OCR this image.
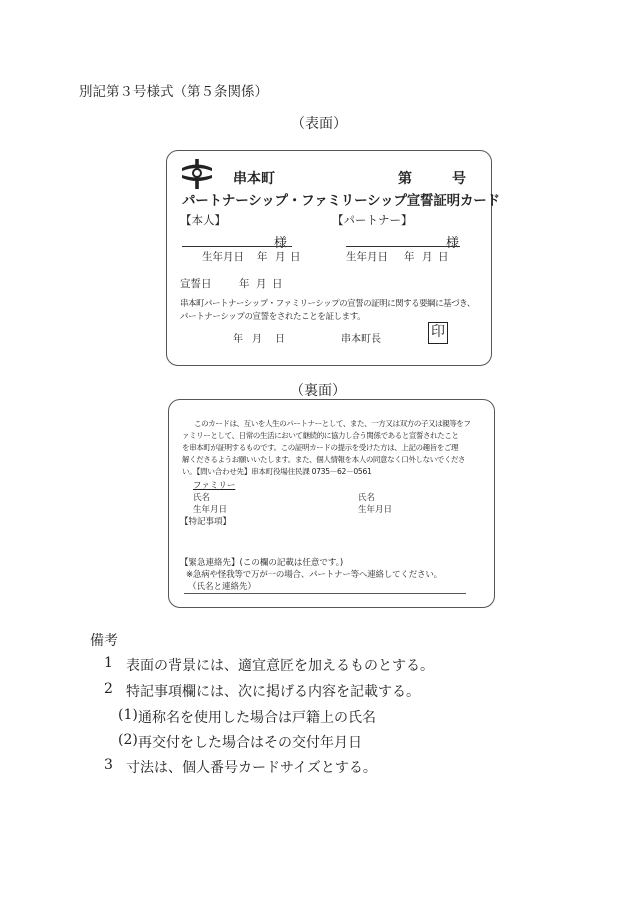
別記第３号様式（第５条関係）
（表面）
串本町	第	号
パートナーシップ・ファミリーシップ宣誓証明カード
【本人】	【パートナー】
様	様
生年月日 年 月 日	生年月日 年 月 日
宣誓日	年 月 日
串本町パートナーシップ・ファミリーシップの宣誓の証明に関する要綱に基づき、
パートナーシップの宣誓をされたことを証します。
年 月 日	串本町長	印
（裏面）
このカードは、互いを人生のパートナーとして、また、一方又は双方の子又は親等をフ
ァミリーとして、日常の生活において継続的に協力し合う関係であると宣誓されたこと
を串本町が証明するものです。この証明カードの提示を受けた方は、上記の趣旨をご理
解くださるようお願いいたします。また、個人情報を本人の同意なく口外しないでくださ
い。【問い合わせ先】串本町役場住民課 0735－62－0561
ファミリー
氏名	氏名
生年月日	生年月日
【特記事項】
【緊急連絡先】(この欄の記載は任意です。)
※急病や怪我等で万が一の場合、パートナー等へ連絡してください。
（氏名と連絡先）
備考
1 表面の背景には、適宜意匠を加えるものとする。
2 特記事項欄には、次に掲げる内容を記載する。
(1) 通称名を使用した場合は戸籍上の氏名
(2) 再交付をした場合はその交付年月日
3 寸法は、個人番号カードサイズとする。
